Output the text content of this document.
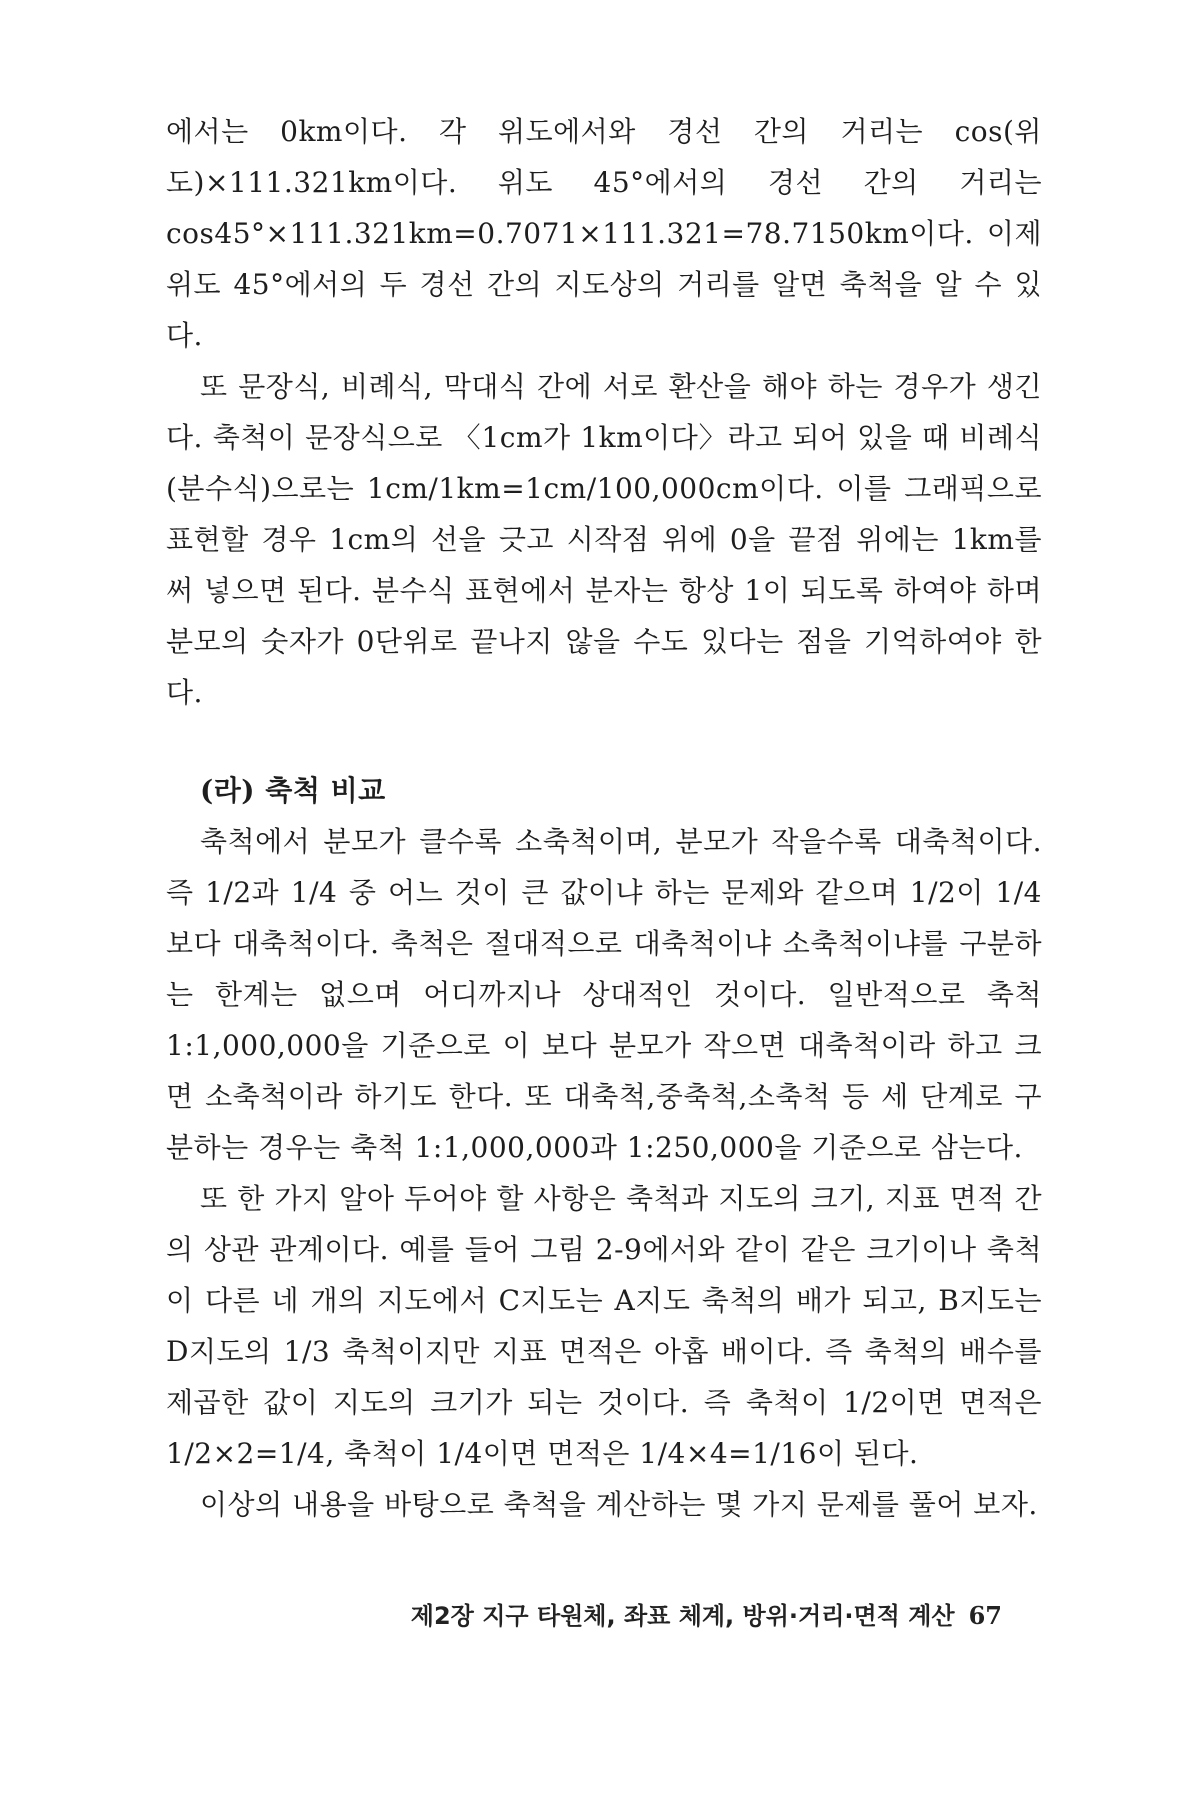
에서는 0km이다. 각 위도에서와 경선 간의 거리는 cos(위도)×111.321km이다. 위도 45°에서의 경선 간의 거리는 cos45°×111.321km=0.7071×111.321=78.7150km이다. 이제 위도 45°에서의 두 경선 간의 지도상의 거리를 알면 축척을 알 수 있다.

또 문장식, 비례식, 막대식 간에 서로 환산을 해야 하는 경우가 생긴다. 축척이 문장식으로 〈1cm가 1km이다〉라고 되어 있을 때 비례식(분수식)으로는 1cm/1km=1cm/100,000cm이다. 이를 그래픽으로 표현할 경우 1cm의 선을 긋고 시작점 위에 0을 끝점 위에는 1km를 써 넣으면 된다. 분수식 표현에서 분자는 항상 1이 되도록 하여야 하며 분모의 숫자가 0단위로 끝나지 않을 수도 있다는 점을 기억하여야 한다.

(라) 축척 비교

축척에서 분모가 클수록 소축척이며, 분모가 작을수록 대축척이다. 즉 1/2과 1/4 중 어느 것이 큰 값이냐 하는 문제와 같으며 1/2이 1/4보다 대축척이다. 축척은 절대적으로 대축척이냐 소축척이냐를 구분하는 한계는 없으며 어디까지나 상대적인 것이다. 일반적으로 축척 1:1,000,000을 기준으로 이 보다 분모가 작으면 대축척이라 하고 크면 소축척이라 하기도 한다. 또 대축척,중축척,소축척 등 세 단계로 구분하는 경우는 축척 1:1,000,000과 1:250,000을 기준으로 삼는다.

또 한 가지 알아 두어야 할 사항은 축척과 지도의 크기, 지표 면적 간의 상관 관계이다. 예를 들어 그림 2-9에서와 같이 같은 크기이나 축척이 다른 네 개의 지도에서 C지도는 A지도 축척의 배가 되고, B지도는 D지도의 1/3 축척이지만 지표 면적은 아홉 배이다. 즉 축척의 배수를 제곱한 값이 지도의 크기가 되는 것이다. 즉 축척이 1/2이면 면적은 1/2×2=1/4, 축척이 1/4이면 면적은 1/4×4=1/16이 된다.

이상의 내용을 바탕으로 축척을 계산하는 몇 가지 문제를 풀어 보자.

제2장 지구 타원체, 좌표 체계, 방위·거리·면적 계산 67
